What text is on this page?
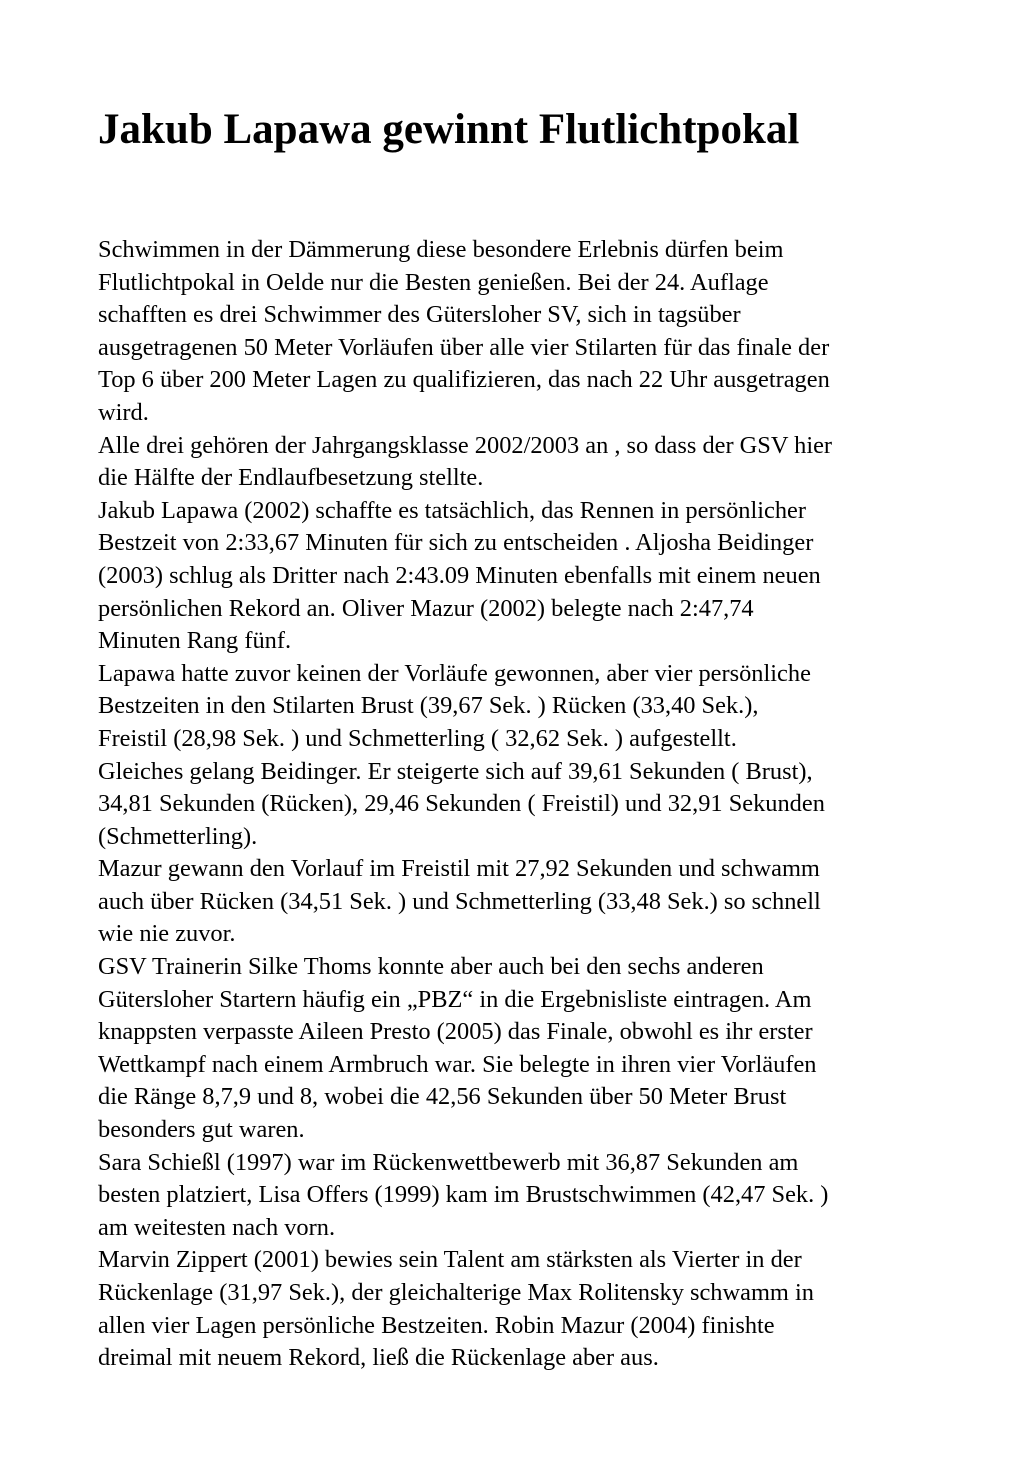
Jakub Lapawa gewinnt Flutlichtpokal
Schwimmen in der Dämmerung diese besondere Erlebnis dürfen beim
Flutlichtpokal in Oelde nur die Besten genießen. Bei der 24. Auflage
schafften es drei Schwimmer des Gütersloher SV, sich in tagsüber
ausgetragenen 50 Meter Vorläufen über alle vier Stilarten für das finale der
Top 6 über 200 Meter Lagen zu qualifizieren, das nach 22 Uhr ausgetragen
wird.
Alle drei gehören der Jahrgangsklasse 2002/2003 an , so dass der GSV hier
die Hälfte der Endlaufbesetzung stellte.
Jakub Lapawa (2002) schaffte es tatsächlich, das Rennen in persönlicher
Bestzeit von 2:33,67 Minuten für sich zu entscheiden . Aljosha Beidinger
(2003) schlug als Dritter nach 2:43.09 Minuten ebenfalls mit einem neuen
persönlichen Rekord an. Oliver Mazur (2002) belegte nach 2:47,74
Minuten Rang fünf.
Lapawa hatte zuvor keinen der Vorläufe gewonnen, aber vier persönliche
Bestzeiten in den Stilarten Brust (39,67 Sek. ) Rücken (33,40 Sek.),
Freistil (28,98 Sek. ) und Schmetterling ( 32,62 Sek. ) aufgestellt.
Gleiches gelang Beidinger. Er steigerte sich auf 39,61 Sekunden ( Brust),
34,81 Sekunden (Rücken), 29,46 Sekunden ( Freistil) und 32,91 Sekunden
(Schmetterling).
Mazur gewann den Vorlauf im Freistil mit 27,92 Sekunden und schwamm
auch über Rücken (34,51 Sek. ) und Schmetterling (33,48 Sek.) so schnell
wie nie zuvor.
GSV Trainerin Silke Thoms konnte aber auch bei den sechs anderen
Gütersloher Startern häufig ein „PBZ“ in die Ergebnisliste eintragen. Am
knappsten verpasste Aileen Presto (2005) das Finale, obwohl es ihr erster
Wettkampf nach einem Armbruch war. Sie belegte in ihren vier Vorläufen
die Ränge 8,7,9 und 8, wobei die 42,56 Sekunden über 50 Meter Brust
besonders gut waren.
Sara Schießl (1997) war im Rückenwettbewerb mit 36,87 Sekunden am
besten platziert, Lisa Offers (1999) kam im Brustschwimmen (42,47 Sek. )
am weitesten nach vorn.
Marvin Zippert (2001) bewies sein Talent am stärksten als Vierter in der
Rückenlage (31,97 Sek.), der gleichalterige Max Rolitensky schwamm in
allen vier Lagen persönliche Bestzeiten. Robin Mazur (2004) finishte
dreimal mit neuem Rekord, ließ die Rückenlage aber aus.
